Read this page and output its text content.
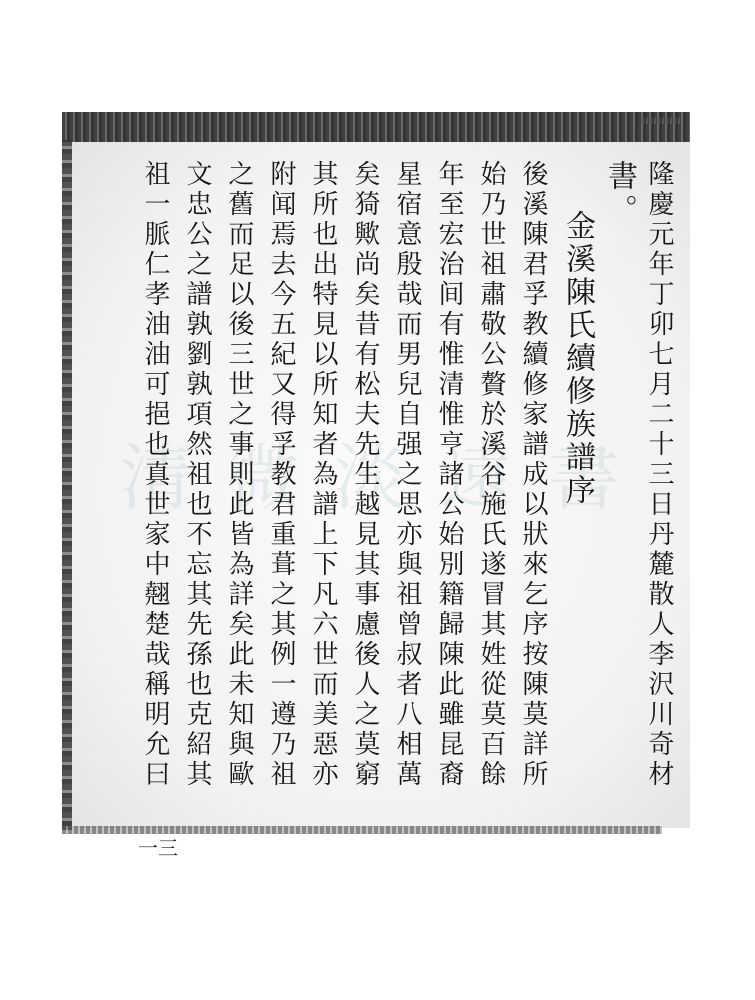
清 微 淡 遠 書 隆慶元年丁卯七月二十三日丹麓散人李沢川奇材
書。
金溪陳氏續修族譜序
後溪陳君孚教續修家譜成以狀來乞序按陳莫詳所
始乃世祖肅敬公贅於溪谷施氏遂冒其姓從莫百餘
年至宏治间有惟清惟亨諸公始別籍歸陳此雖昆裔
星宿意殷哉而男兒自强之思亦與祖曾叔者八相萬
矣猗歟尚矣昔有松夫先生越見其事慮後人之莫窮
其所也出特見以所知者為譜上下凡六世而美惡亦
附闻焉去今五紀又得孚教君重葺之其例一遵乃祖
之舊而足以後三世之事則此皆為詳矣此未知與歐
文忠公之譜孰劉孰項然祖也不忘其先孫也克紹其
祖一脈仁孝油油可挹也真世家中翹楚哉稱明允曰
一三
